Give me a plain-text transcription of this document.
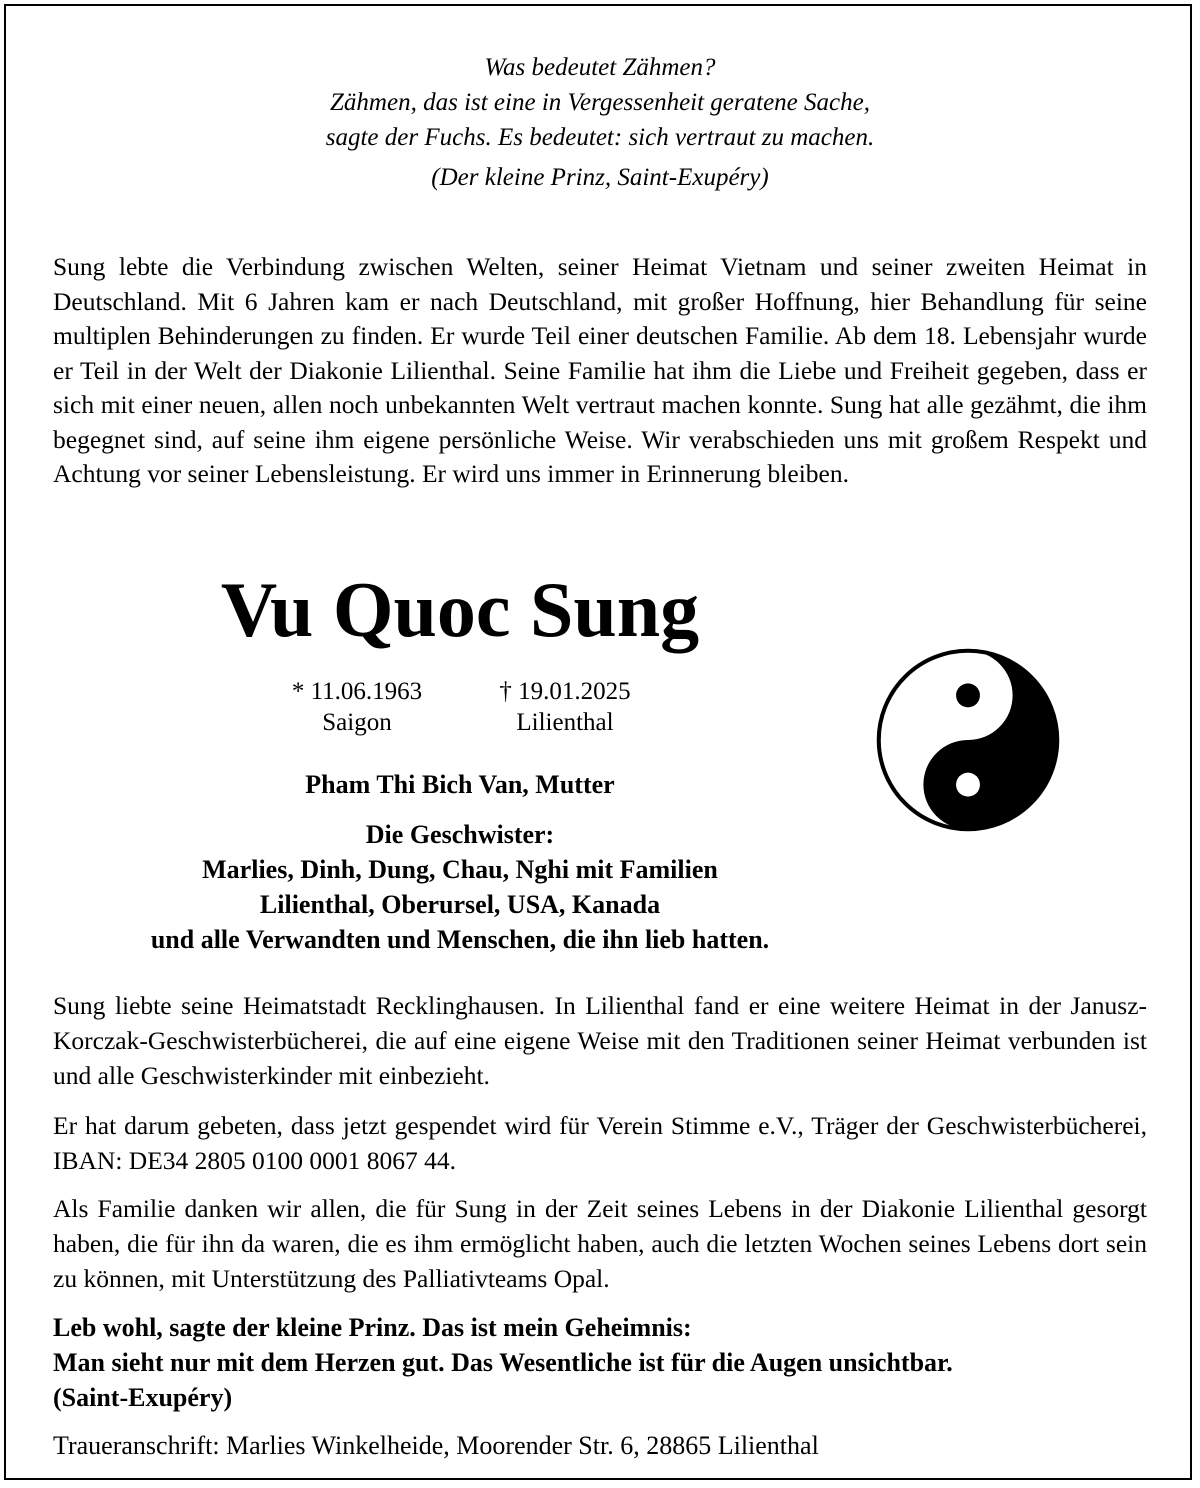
Was bedeutet Zähmen?
Zähmen, das ist eine in Vergessenheit geratene Sache,
sagte der Fuchs. Es bedeutet: sich vertraut zu machen.
(Der kleine Prinz, Saint-Exupéry)
Sung lebte die Verbindung zwischen Welten, seiner Heimat Vietnam und seiner zweiten Heimat in Deutschland. Mit 6 Jahren kam er nach Deutschland, mit großer Hoffnung, hier Behandlung für seine multiplen Behinderungen zu finden. Er wurde Teil einer deutschen Familie. Ab dem 18. Lebensjahr wurde er Teil in der Welt der Diakonie Lilienthal. Seine Familie hat ihm die Liebe und Freiheit gegeben, dass er sich mit einer neuen, allen noch unbekannten Welt vertraut machen konnte. Sung hat alle gezähmt, die ihm begegnet sind, auf seine ihm eigene persönliche Weise. Wir verabschieden uns mit großem Respekt und Achtung vor seiner Lebensleistung. Er wird uns immer in Erinnerung bleiben.
Vu Quoc Sung
* 11.06.1963
Saigon
† 19.01.2025
Lilienthal
Pham Thi Bich Van, Mutter
Die Geschwister:
Marlies, Dinh, Dung, Chau, Nghi mit Familien
Lilienthal, Oberursel, USA, Kanada
und alle Verwandten und Menschen, die ihn lieb hatten.
Sung liebte seine Heimatstadt Recklinghausen. In Lilienthal fand er eine weitere Heimat in der Janusz-Korczak-Geschwisterbücherei, die auf eine eigene Weise mit den Traditionen seiner Heimat verbunden ist und alle Geschwisterkinder mit einbezieht.
Er hat darum gebeten, dass jetzt gespendet wird für Verein Stimme e.V., Träger der Geschwisterbücherei, IBAN: DE34 2805 0100 0001 8067 44.
Als Familie danken wir allen, die für Sung in der Zeit seines Lebens in der Diakonie Lilienthal gesorgt haben, die für ihn da waren, die es ihm ermöglicht haben, auch die letzten Wochen seines Lebens dort sein zu können, mit Unterstützung des Palliativteams Opal.
Leb wohl, sagte der kleine Prinz. Das ist mein Geheimnis:
Man sieht nur mit dem Herzen gut. Das Wesentliche ist für die Augen unsichtbar.
(Saint-Exupéry)
Traueranschrift: Marlies Winkelheide, Moorender Str. 6, 28865 Lilienthal
